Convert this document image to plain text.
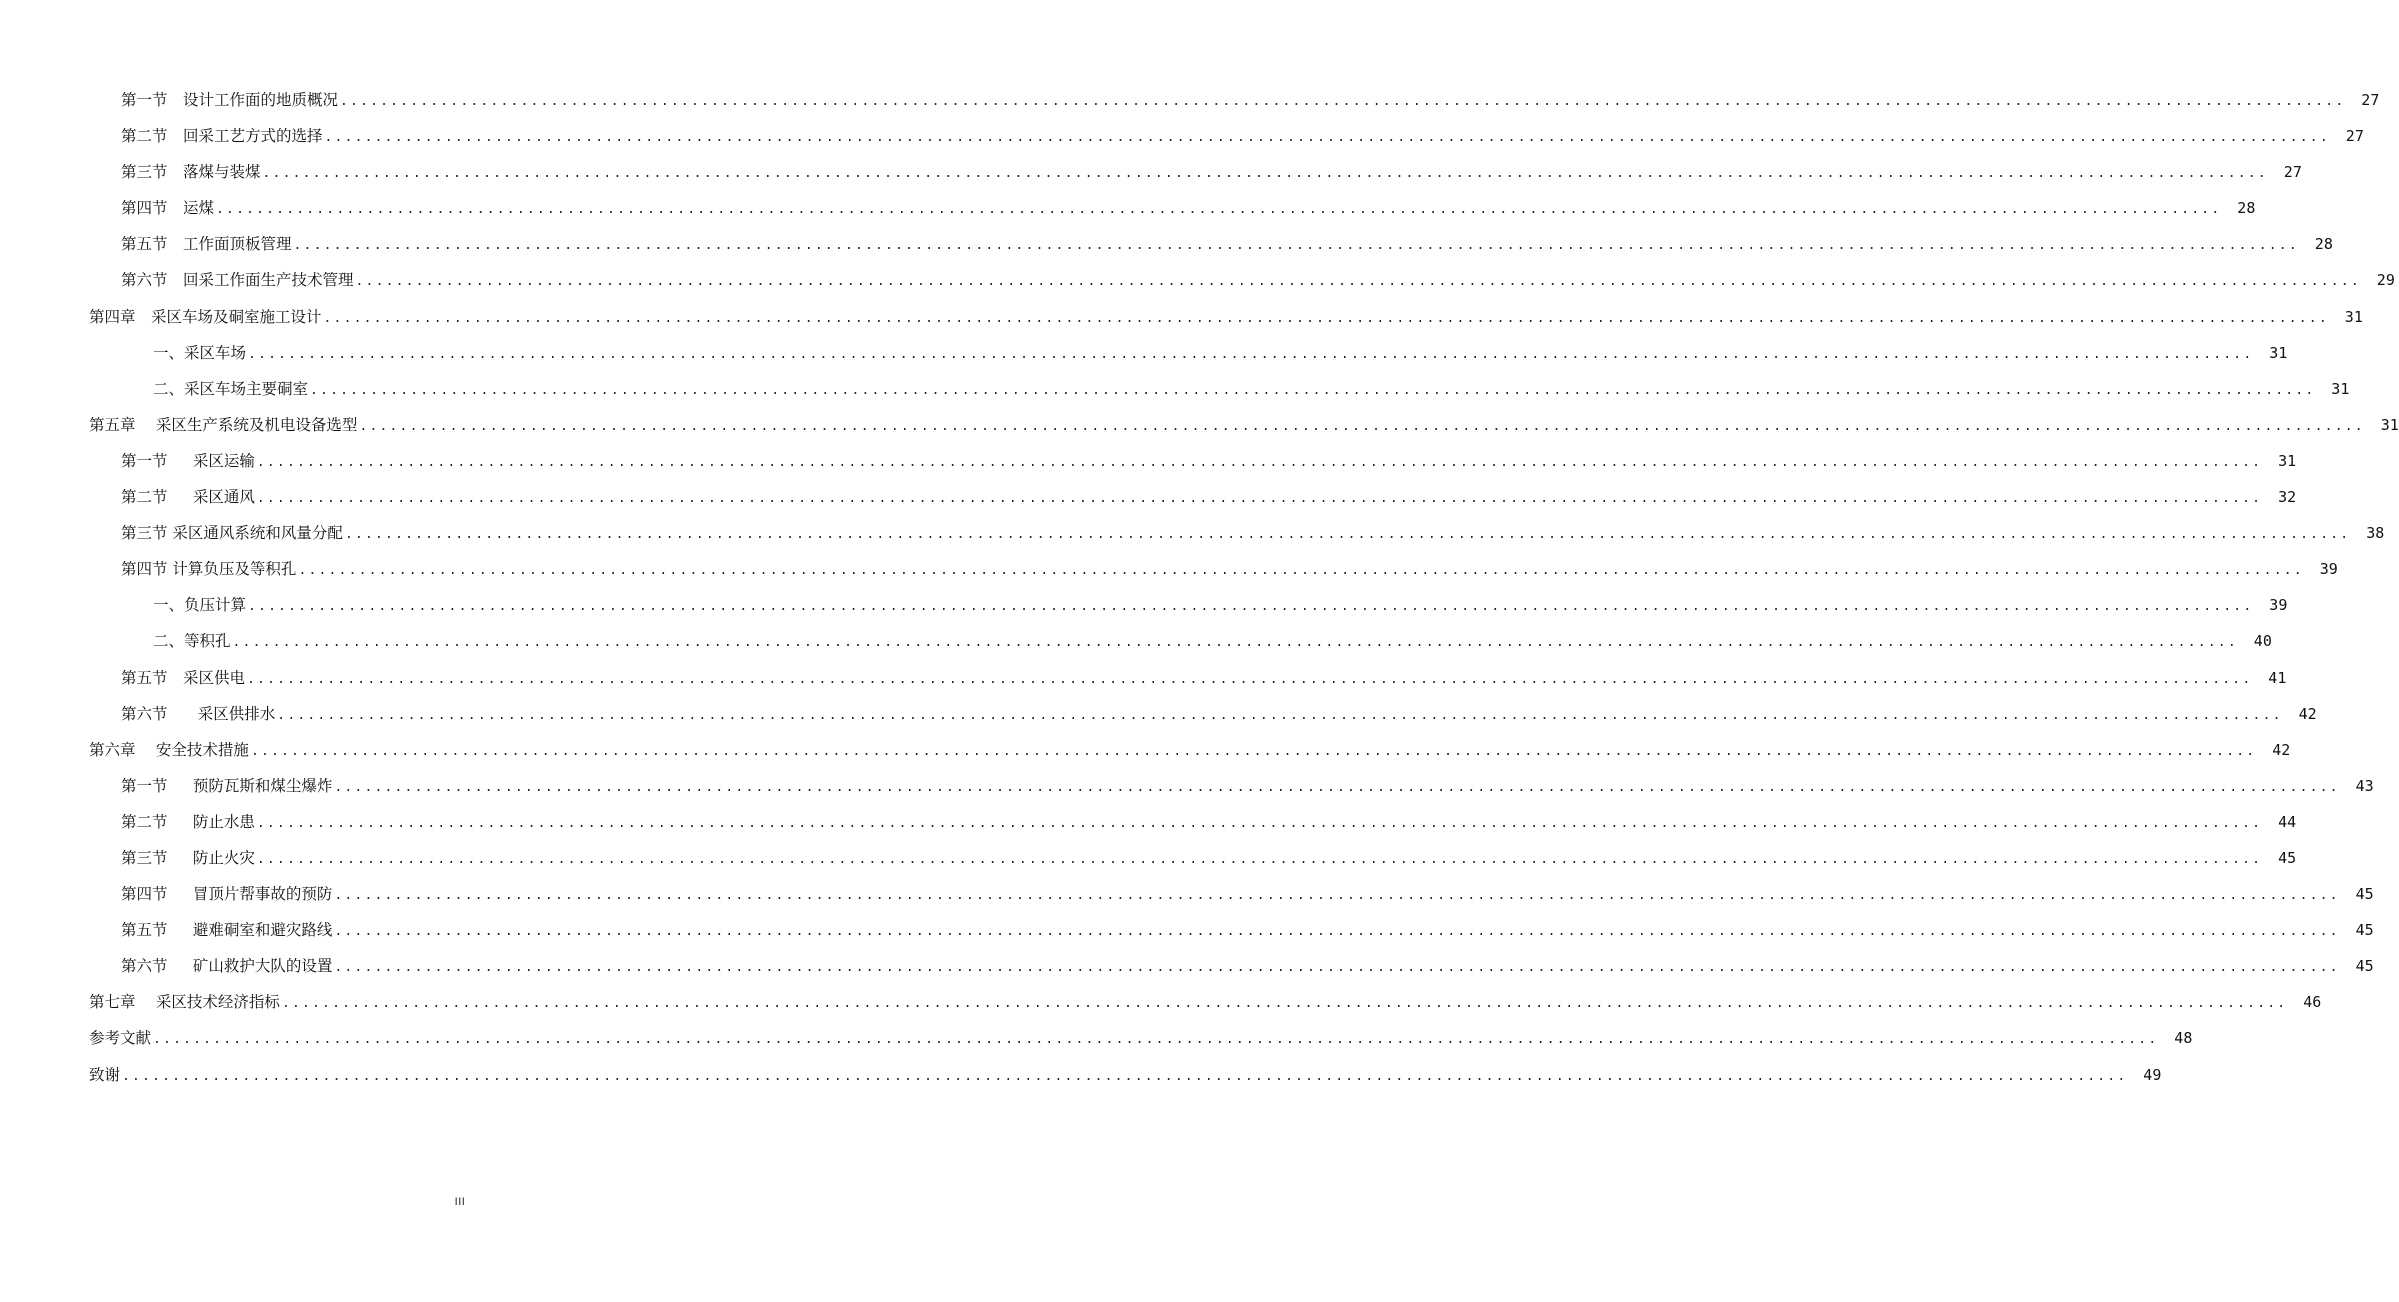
第一节　设计工作面的地质概况 ........................................................................................................................................................................................................	27
第二节　回采工艺方式的选择 ........................................................................................................................................................................................................	27
第三节　落煤与装煤 ........................................................................................................................................................................................................	27
第四节　运煤 ........................................................................................................................................................................................................	28
第五节　工作面顶板管理 ........................................................................................................................................................................................................	28
第六节　回采工作面生产技术管理 ........................................................................................................................................................................................................	29
第四章　采区车场及硐室施工设计 ........................................................................................................................................................................................................	31
一、采区车场 ........................................................................................................................................................................................................	31
二、采区车场主要硐室 ........................................................................................................................................................................................................	31
第五章　 采区生产系统及机电设备选型 ........................................................................................................................................................................................................	31
第一节　  采区运输 ........................................................................................................................................................................................................	31
第二节　  采区通风 ........................................................................................................................................................................................................	32
第三节 采区通风系统和风量分配 ........................................................................................................................................................................................................	38
第四节 计算负压及等积孔 ........................................................................................................................................................................................................	39
一、负压计算 ........................................................................................................................................................................................................	39
二、等积孔 ........................................................................................................................................................................................................	40
第五节　采区供电 ........................................................................................................................................................................................................	41
第六节　   采区供排水 ........................................................................................................................................................................................................	42
第六章　 安全技术措施 ........................................................................................................................................................................................................	42
第一节　  预防瓦斯和煤尘爆炸 ........................................................................................................................................................................................................	43
第二节　  防止水患 ........................................................................................................................................................................................................	44
第三节　  防止火灾 ........................................................................................................................................................................................................	45
第四节　  冒顶片帮事故的预防 ........................................................................................................................................................................................................	45
第五节　  避难硐室和避灾路线 ........................................................................................................................................................................................................	45
第六节　  矿山救护大队的设置 ........................................................................................................................................................................................................	45
第七章　 采区技术经济指标 ........................................................................................................................................................................................................	46
参考文献 ........................................................................................................................................................................................................	48
致谢 ........................................................................................................................................................................................................	49
III
